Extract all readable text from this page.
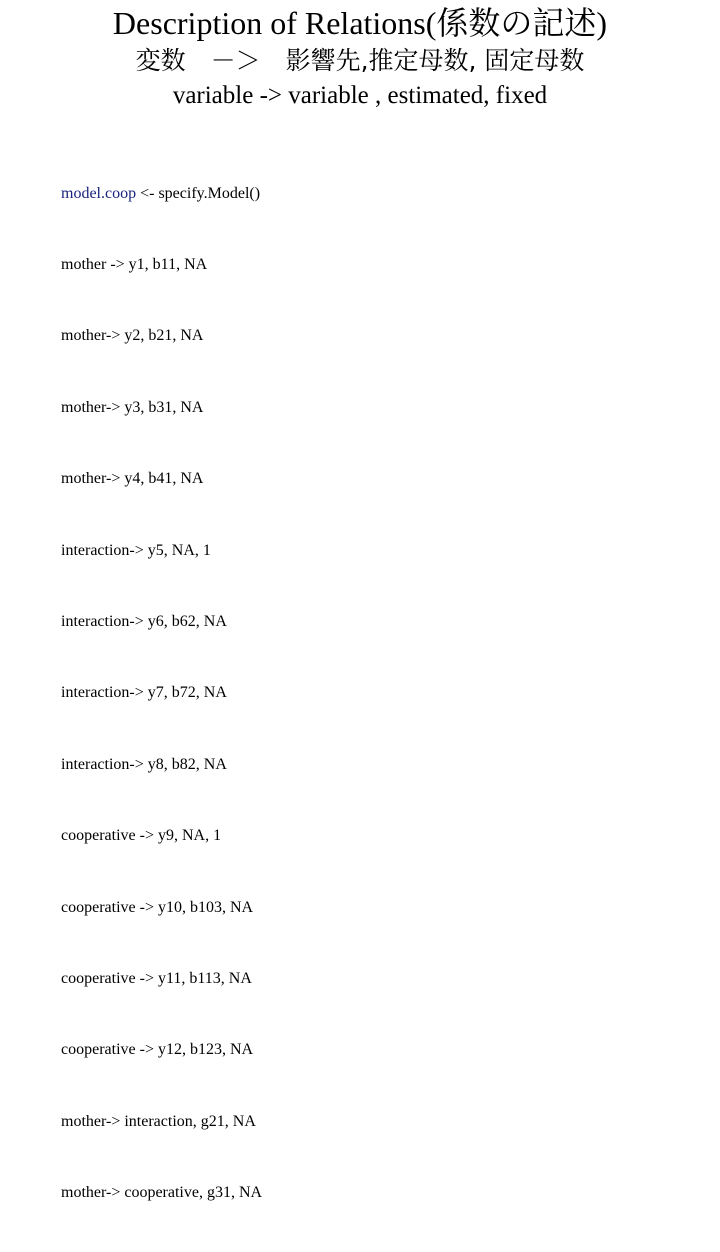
Description of Relations(係数の記述)
変数　－＞　影響先,推定母数, 固定母数
variable -> variable , estimated, fixed

model.coop <- specify.Model()

mother -> y1, b11, NA

mother-> y2, b21, NA

mother-> y3, b31, NA

mother-> y4, b41, NA

interaction-> y5, NA, 1

interaction-> y6, b62, NA

interaction-> y7, b72, NA

interaction-> y8, b82, NA

cooperative -> y9, NA, 1

cooperative -> y10, b103, NA

cooperative -> y11, b113, NA

cooperative -> y12, b123, NA

mother-> interaction, g21, NA

mother-> cooperative, g31, NA
